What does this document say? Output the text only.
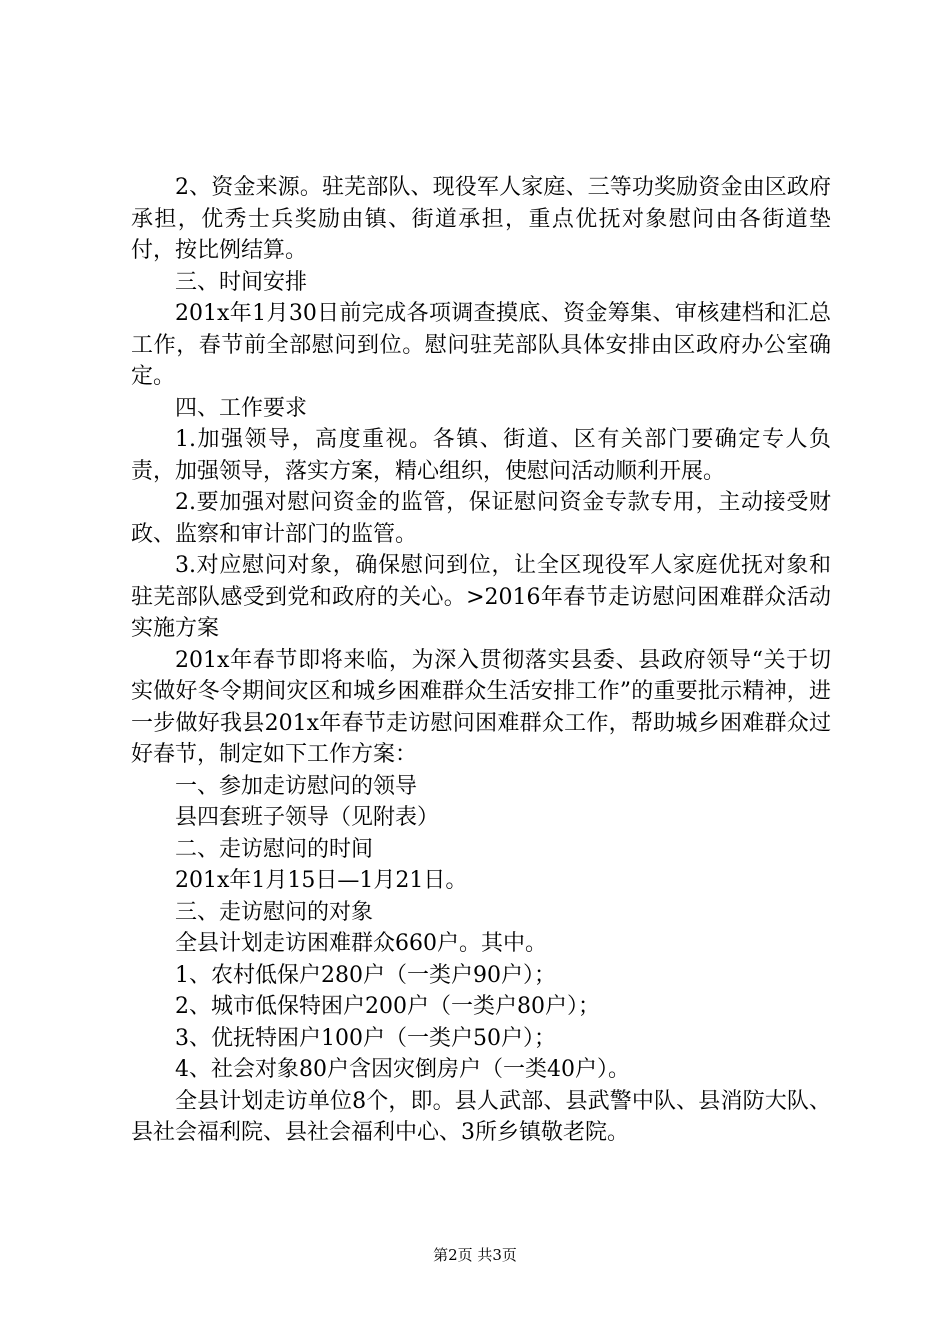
2、资金来源。驻芜部队、现役军人家庭、三等功奖励资金由区政府承担，优秀士兵奖励由镇、街道承担，重点优抚对象慰问由各街道垫付，按比例结算。

三、时间安排

201x年1月30日前完成各项调查摸底、资金筹集、审核建档和汇总工作，春节前全部慰问到位。慰问驻芜部队具体安排由区政府办公室确定。

四、工作要求

1.加强领导，高度重视。各镇、街道、区有关部门要确定专人负责，加强领导，落实方案，精心组织，使慰问活动顺利开展。

2.要加强对慰问资金的监管，保证慰问资金专款专用，主动接受财政、监察和审计部门的监管。

3.对应慰问对象，确保慰问到位，让全区现役军人家庭优抚对象和驻芜部队感受到党和政府的关心。>2016年春节走访慰问困难群众活动实施方案

201x年春节即将来临，为深入贯彻落实县委、县政府领导“关于切实做好冬令期间灾区和城乡困难群众生活安排工作”的重要批示精神，进一步做好我县201x年春节走访慰问困难群众工作，帮助城乡困难群众过好春节，制定如下工作方案：

一、参加走访慰问的领导

县四套班子领导（见附表）

二、走访慰问的时间

201x年1月15日—1月21日。

三、走访慰问的对象

全县计划走访困难群众660户。其中。

1、农村低保户280户（一类户90户）；

2、城市低保特困户200户（一类户80户）；

3、优抚特困户100户（一类户50户）；

4、社会对象80户含因灾倒房户（一类40户）。

全县计划走访单位8个，即。县人武部、县武警中队、县消防大队、县社会福利院、县社会福利中心、3所乡镇敬老院。

第2页 共3页
